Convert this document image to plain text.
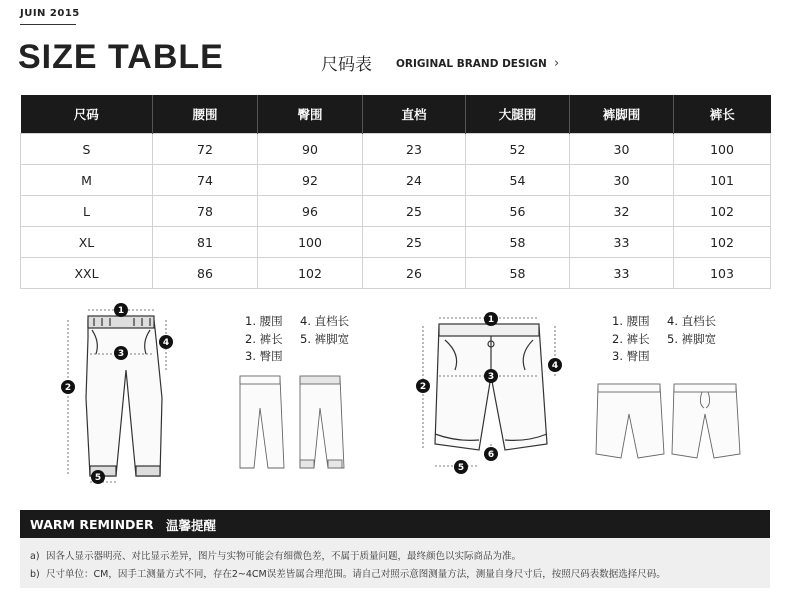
JUIN 2015
SIZE TABLE	尺码表 ORIGINAL BRAND DESIGN ›
尺码	腰围	臀围	直档	大腿围	裤脚围	裤长
S	72	90	23	52	30	100
M	74	92	24	54	30	101
L	78	96	25	56	32	102
XL	81	100	25	58	33	102
XXL	86	102	26	58	33	103
1
2
3
4
5
1. 腰围	4. 直档长
2. 裤长	5. 裤脚宽
3. 臀围
1
2
3
4
5
6
1. 腰围	4. 直档长
2. 裤长	5. 裤脚宽
3. 臀围
WARM REMINDER 温馨提醒
a) 因各人显示器明亮、对比显示差异，图片与实物可能会有细微色差，不属于质量问题，最终颜色以实际商品为准。
b) 尺寸单位：CM，因手工测量方式不同，存在2~4CM误差皆属合理范围。请自己对照示意图测量方法，测量自身尺寸后，按照尺码表数据选择尺码。
